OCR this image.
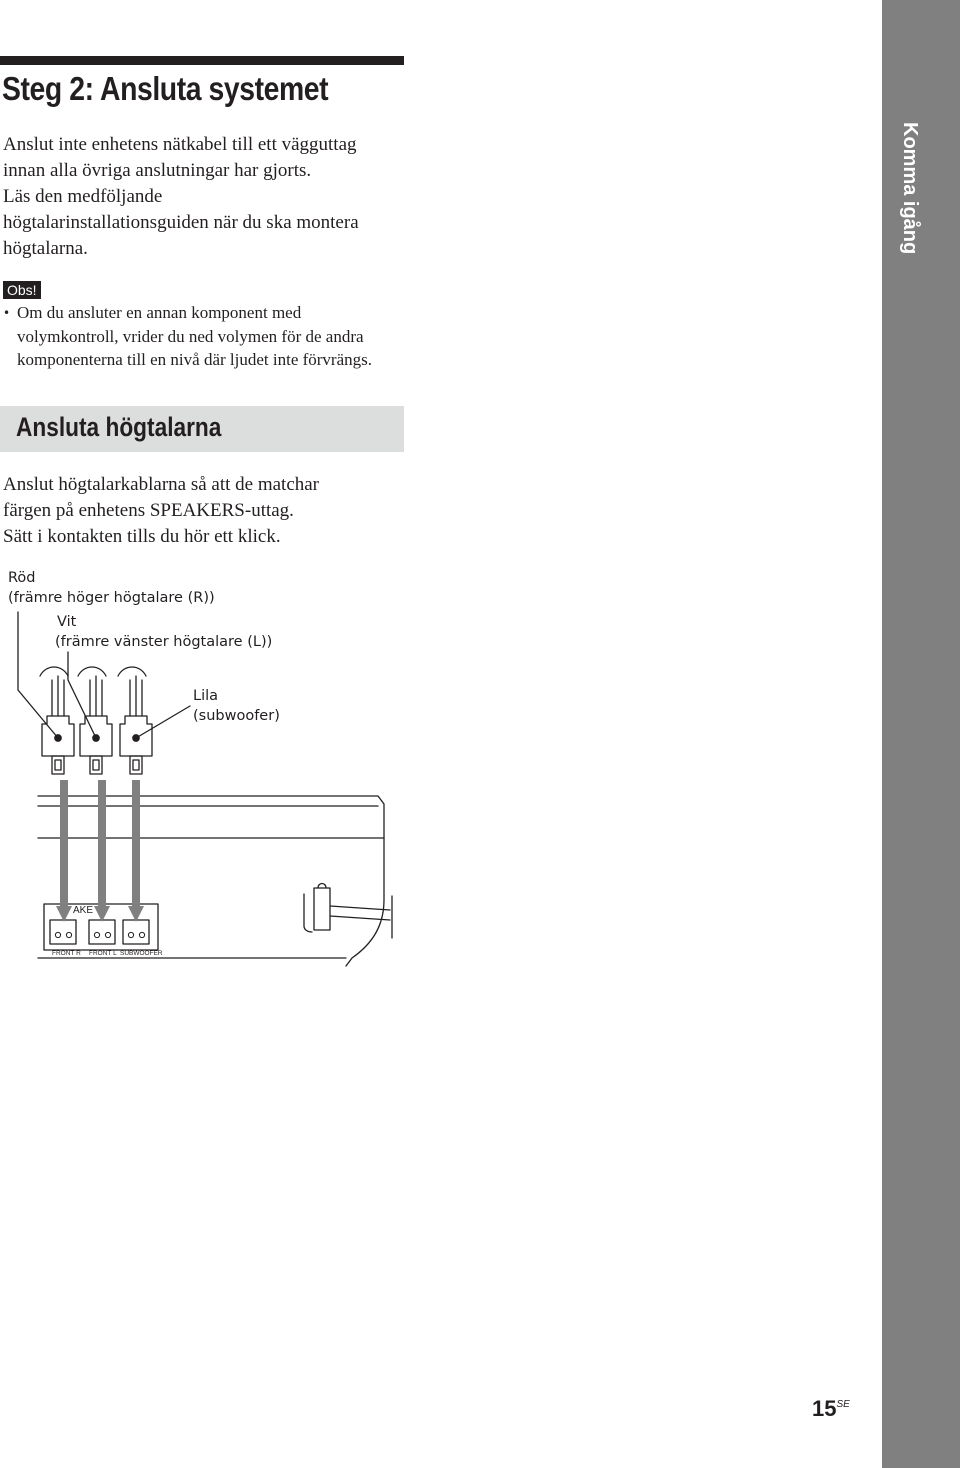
Komma igång
Steg 2: Ansluta systemet

Anslut inte enhetens nätkabel till ett vägguttag

innan alla övriga anslutningar har gjorts.

Läs den medföljande

högtalarinstallationsguiden när du ska montera

högtalarna.

Obs!
• Om du ansluter en annan komponent med
volymkontroll, vrider du ned volymen för de andra
komponenterna till en nivå där ljudet inte förvrängs.
Ansluta högtalarna

Anslut högtalarkablarna så att de matchar

färgen på enhetens SPEAKERS-uttag.

Sätt i kontakten tills du hör ett klick.

Röd
(främre höger högtalare (R))
Vit
(främre vänster högtalare (L))
Lila
(subwoofer)
AKE
FRONT R FRONT L SUBWOOFER
$15^{SE}$
